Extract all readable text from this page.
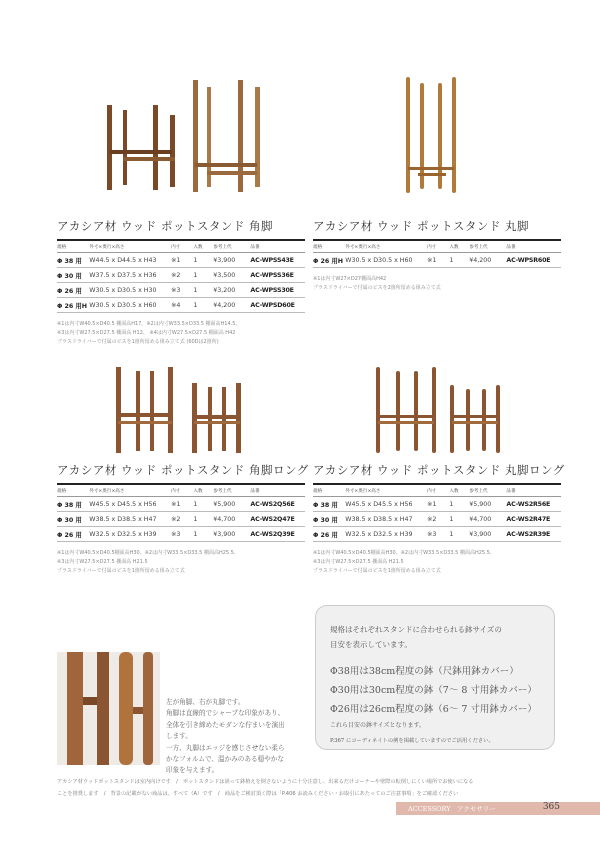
アカシア材 ウッド ポットスタンド 角脚
規格	外寸×奥行×高さ	内寸	入数	参考上代	品番
Φ 38 用	W44.5 x D44.5 x H43	※1	1	¥3,900	AC-WPSS43E
Φ 30 用	W37.5 x D37.5 x H36	※2	1	¥3,500	AC-WPSS36E
Φ 26 用	W30.5 x D30.5 x H30	※3	1	¥3,200	AC-WPSS30E
Φ 26 用H	W30.5 x D30.5 x H60	※4	1	¥4,200	AC-WPSD60E
※1は内寸W40.5×D40.5 棚面高H17、※2は内寸W33.5×D33.5 棚面高H14.5、
※3は内寸W27.5×D27.5 棚面高 H12、 ※4は内寸W27.5×D27.5 棚面高 H42
プラスドライバーで付属のビスを1箇所留める組み立て式 (60Dは2箇所)
アカシア材 ウッド ポットスタンド 丸脚
規格	外寸×奥行×高さ	内寸	入数	参考上代	品番
Φ 26 用H	W30.5 x D30.5 x H60	※1	1	¥4,200	AC-WPSR60E
※1は内寸W27×D27棚面高H42
プラスドライバーで付属のビスを2箇所留める組み立て式
アカシア材 ウッド ポットスタンド 角脚ロング
規格	外寸×奥行×高さ	内寸	入数	参考上代	品番
Φ 38 用	W45.5 x D45.5 x H56	※1	1	¥5,900	AC-WS2Q56E
Φ 30 用	W38.5 x D38.5 x H47	※2	1	¥4,700	AC-WS2Q47E
Φ 26 用	W32.5 x D32.5 x H39	※3	1	¥3,900	AC-WS2Q39E
※1は内寸W40.5×D40.5棚面高H30、※2は内寸W33.5×D33.5 棚面高H25.5、
※3は内寸W27.5×D27.5 棚面高 H21.5
プラスドライバーで付属のビスを1箇所留める組み立て式
アカシア材 ウッド ポットスタンド 丸脚ロング
規格	外寸×奥行×高さ	内寸	入数	参考上代	品番
Φ 38 用	W45.5 x D45.5 x H56	※1	1	¥5,900	AC-WS2R56E
Φ 30 用	W38.5 x D38.5 x H47	※2	1	¥4,700	AC-WS2R47E
Φ 26 用	W32.5 x D32.5 x H39	※3	1	¥3,900	AC-WS2R39E
※1は内寸W40.5×D40.5棚面高H30、※2は内寸W33.5×D33.5 棚面高H25.5、
※3は内寸W27.5×D27.5 棚面高 H21.5
プラスドライバーで付属のビスを1箇所留める組み立て式
左が角脚、右が丸脚です。
角脚は直線的でシャープな印象があり、
全体を引き締めたモダンな佇まいを演出
します。
一方、丸脚はエッジを感じさせない柔ら
かなフォルムで、温かみのある穏やかな
印象を与えます。
規格はそれぞれスタンドに合わせられる鉢サイズの
目安を表示しています。
Φ38用は38cm程度の鉢（尺鉢用鉢カバー）
Φ30用は30cm程度の鉢（7〜 8 寸用鉢カバー）
Φ26用は26cm程度の鉢（6〜 7 寸用鉢カバー）
これら目安の鉢サイズとなります。
P.367 にコーディネイトの例を掲載していますのでご活用ください。
アカシア材ウッドポットスタンドは室内向けです　/　ポットスタンドは誤って鉢植えを倒さないように十分注意し、出来るだけコーナーや壁際の転倒しにくい場所でお使いになる
ことを推奨します　/　背景の記載がない商品は、すべて（A）です　/　商品をご検討頂く際は「P.406 お読みください・お取引にあたってのご注意事項」をご確認ください
ACCESSORY　アクセサリー	365
